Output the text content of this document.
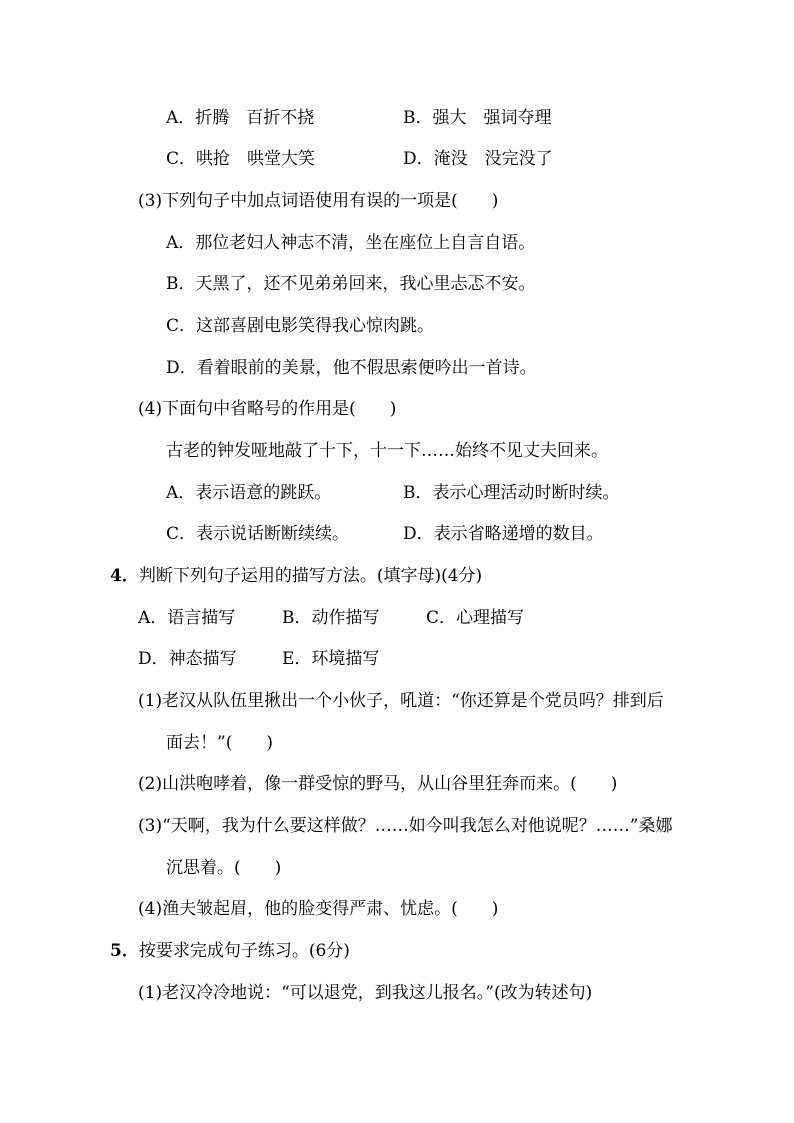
A．折腾　百折不挠	B．强大　强词夺理
C．哄抢　哄堂大笑	D．淹没　没完没了
(3)下列句子中加点词语使用有误的一项是(　　)
A．那位老妇人神志不清，坐在座位上自言自语。
B．天黑了，还不见弟弟回来，我心里忐忑不安。
C．这部喜剧电影笑得我心惊肉跳。
D．看着眼前的美景，他不假思索便吟出一首诗。
(4)下面句中省略号的作用是(　　)
古老的钟发哑地敲了十下，十一下……始终不见丈夫回来。
A．表示语意的跳跃。	B．表示心理活动时断时续。
C．表示说话断断续续。	D．表示省略递增的数目。
4．判断下列句子运用的描写方法。(填字母)(4分)
A．语言描写	B．动作描写	C．心理描写
D．神态描写	E．环境描写
(1)老汉从队伍里揪出一个小伙子，吼道：“你还算是个党员吗？排到后
面去！”(　　)
(2)山洪咆哮着，像一群受惊的野马，从山谷里狂奔而来。(　　)
(3)“天啊，我为什么要这样做？……如今叫我怎么对他说呢？……”桑娜
沉思着。(　　)
(4)渔夫皱起眉，他的脸变得严肃、忧虑。(　　)
5．按要求完成句子练习。(6分)
(1)老汉冷冷地说：“可以退党，到我这儿报名。”(改为转述句)
